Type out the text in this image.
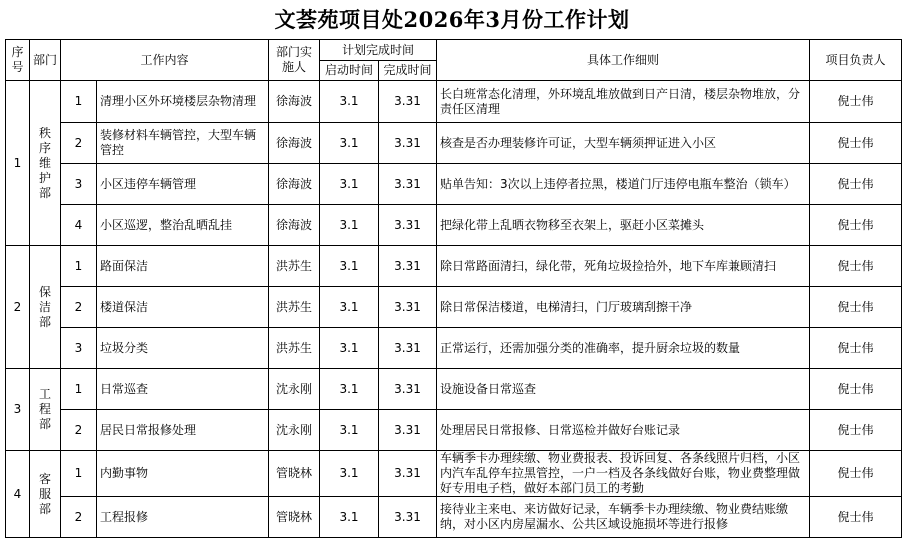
文荟苑项目处2026年3月份工作计划
序号	部门	工作内容		部门实施人	计划完成时间		具体工作细则	项目负责人
					启动时间	完成时间		
1	秩序维护部	1	清理小区外环境楼层杂物清理	徐海波	3.1	3.31	长白班常态化清理，外环境乱堆放做到日产日清，楼层杂物堆放，分责任区清理	倪士伟
		2	装修材料车辆管控，大型车辆管控	徐海波	3.1	3.31	核查是否办理装修许可证，大型车辆须押证进入小区	倪士伟
		3	小区违停车辆管理	徐海波	3.1	3.31	贴单告知：3次以上违停者拉黑，楼道门厅违停电瓶车整治（锁车）	倪士伟
		4	小区巡逻，整治乱晒乱挂	徐海波	3.1	3.31	把绿化带上乱晒衣物移至衣架上，驱赶小区菜摊头	倪士伟
2	保洁部	1	路面保洁	洪苏生	3.1	3.31	除日常路面清扫，绿化带，死角垃圾捡拾外，地下车库兼顾清扫	倪士伟
		2	楼道保洁	洪苏生	3.1	3.31	除日常保洁楼道，电梯清扫，门厅玻璃刮擦干净	倪士伟
		3	垃圾分类	洪苏生	3.1	3.31	正常运行，还需加强分类的准确率，提升厨余垃圾的数量	倪士伟
3	工程部	1	日常巡查	沈永刚	3.1	3.31	设施设备日常巡查	倪士伟
		2	居民日常报修处理	沈永刚	3.1	3.31	处理居民日常报修、日常巡检并做好台账记录	倪士伟
4	客服部	1	内勤事物	管晓林	3.1	3.31	车辆季卡办理续缴、物业费报表、投诉回复、各条线照片归档，小区内汽车乱停车拉黑管控，一户一档及各条线做好台账，物业费整理做好专用电子档，做好本部门员工的考勤	倪士伟
		2	工程报修	管晓林	3.1	3.31	接待业主来电、来访做好记录，车辆季卡办理续缴、物业费结账缴纳，对小区内房屋漏水、公共区域设施损坏等进行报修	倪士伟
